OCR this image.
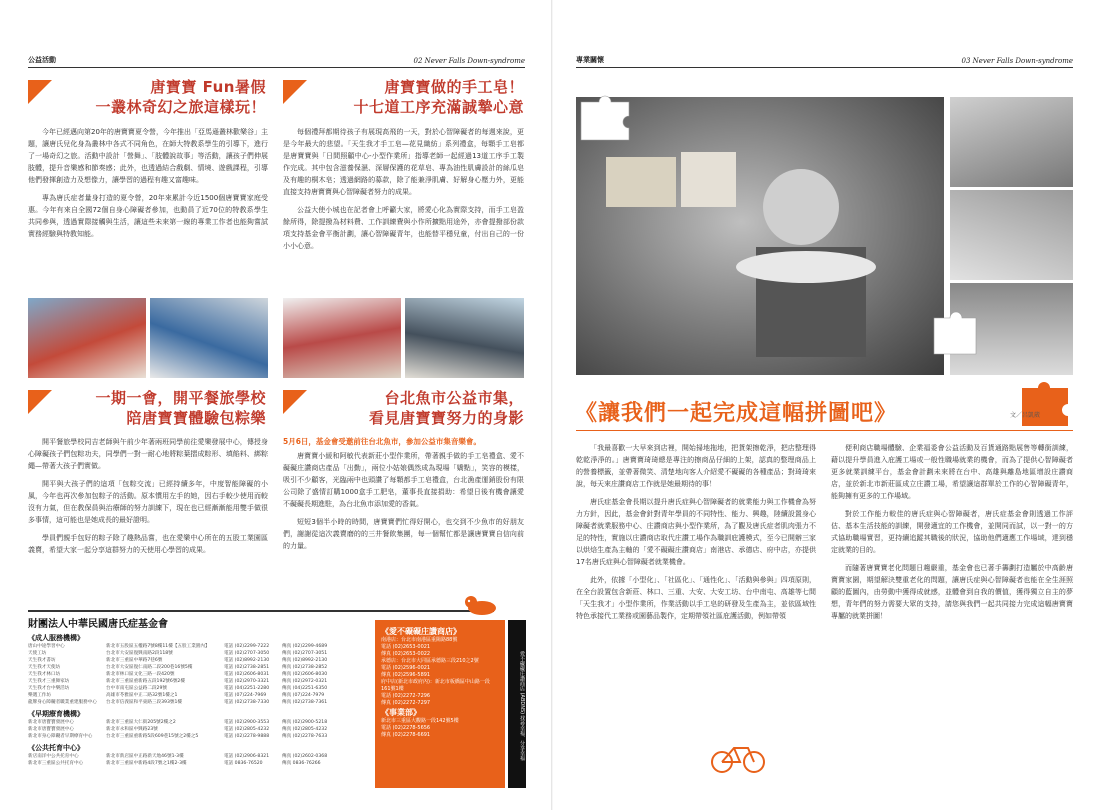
公益活動	02 Never Falls Down-syndrome
唐寶寶 Fun暑假
一叢林奇幻之旅這樣玩！

今年已經邁向第20年的唐寶寶夏令營，今年推出「亞馬遜叢林歡樂谷」主題，讓唐氏兒化身為叢林中各式不同角色，在師大特教系學生的引導下，進行了一場奇幻之旅。活動中設計「營舞」、「肢體說故事」等活動，讓孩子們伸展肢體，提升音樂感和節奏感；此外，也透過結合戲劇、情境、遊戲課程，引導他們發揮創造力及想像力，讓學習的過程有趣又富趣味。

專為唐氏症者量身打造的夏令營，20年來累計今近1500個唐寶寶家庭受惠。今年有來自全國72個自身心障礙者參加，也動員了近70位的特教系學生共同參與，透過實際接觸與生活，讓這些未來第一線的專業工作者也能夠嘗試實務經驗與特教知能。

唐寶寶做的手工皂！
十七道工序充滿誠摯心意

每個禮拜都期待孩子有展現高飛的一天，對於心智障礙者的每週來說，更是今年最大的悲望。「天生我才手工皂—花見織紡」系列禮盒，每顆手工皂都是唐寶寶與「日間照顧中心-小型作業所」指導老師一起經過13道工序手工製作完成。其中包含滋養保濕、深層保護的花草皂、專為油性肌膚設計的絲瓜皂及有趣的桐木皂；透過網路的募款，除了能兼淨肌膚、好解身心壓力外，更能直接支持唐寶寶與心智障礙者努力的成果。

公益大使小城也在記者會上呼籲大家，將愛心化為實際支持，而手工皂盈餘所得，除提撥為材料費、工作訓練費與小作所擴點用途外，亦會提撥部份款項支持基金會平衡計劃，讓心智障礙青年，也能替平穩兒童，付出自己的一份小小心意。

一期一會，開平餐旅學校
陪唐寶寶體驗包粽樂

開平餐旅學校同吉老師與午前少年著兩班同學前往愛樂發展中心，傳授身心障礙孩子們包粽功夫，同學們一對一耐心地將粽葉摺成粽形、填餡料、綁粽繩—帶著大孩子們實做。

開平與大孩子們的這項「包粽交流」已經持續多年，中度智能障礙的小風，今年也再次參加包粽子的活動。原本慣用左手的她，因右手較少使用而較沒有力氣，但在教保員與治療師的努力訓練下，現在也已經漸漸能用雙手做很多事情，這可能也是她成長的最好證明。

學員們親手包好的粽子除了趣熱品嘗，也在愛樂中心所在的五股工業園區義賣，希望大家一起分享這群努力的天使用心學習的成果。

台北魚市公益市集，
看見唐寶寶努力的身影
5月6日，基金會受邀前往台北魚市，參加公益市集音樂會。

唐寶寶小緩和阿敏代表新莊小型作業所，帶著親手做的手工皂禮盒、愛不礙礙庄讚商店產品「出勤」，兩位小姑娘偶然成為現場「嬌點」，笑容的模樣，吸引不少顧客，光臨兩中也頭讚了每顆都手工皂禮盒，台北漁產運銷股份有限公司除了盛情訂購1000盒手工肥皂，董事長直接捐助：希望日後有機會讓愛不礙礙長期進駐，為台北魚市添加愛的香氣。

短短3個半小時的時間，唐寶寶們忙得好開心，也交到不少魚市的好朋友們，謝謝從這次義賣磨的的三井餐飲集團，每一個幫忙都是讓唐寶寶自信向前的力量。

財團法人中華民國唐氏症基金會
《成人服務機構》
唐山中途學習中心	新北市五股區五權路7號8樓11樓【五股工業園內】	電話 (02)2299-7222	傳真 (02)2299-4689
天使工坊	台北市大安區復興南路2段118號	電話 (02)2707-3050	傳真 (02)2707-3051
天生我才書坊	新北市三重區中華路7巷6號	電話 (02)8992-2130	傳真 (02)8992-2130
天生我才天使坊	台北市大安區復仁南路二段200巷16號5樓	電話 (02)2738-2851	傳真 (02)2738-2852
天生我才林口坊	新北市林口區文化三路一段420號	電話 (02)2606-8031	傳真 (02)2606-8030
天生我才三重舞家坊	新北市三重區重新路五段192號6號2樓	電話 (02)2970-3321	傳真 (02)2972-0321
天生我才台中樂活坊	台中市南屯區公益路二段29號	電話 (04)2251-2280	傳真 (04)2251-6350
樂邁工作坊	高雄市苓雅區中正二路32號1樓之1	電話 (07)224-7969	傳真 (07)224-7979
龍牌身心障礙者職業重建服務中心	台北市信義區和平東路三段393號1樓	電話 (02)2738-7330	傳真 (02)2738-7361
《早期療育機構》
新北市唐寶寶發展中心	新北市三重區大仁街205號2樓之2	電話 (02)2900-3553	傳真 (02)2900-5218
新北市唐寶寶發展中心	新北市永和區中興路23號	電話 (02)2805-4232	傳真 (02)2805-4232
新北市身心障礙者早期療育中心	台北市三重區重新路5段609巷15號之2樓之5	電話 (02)2278-9888	傳真 (02)2278-7633
《公共托育中心》
新店南洋中公共托育中心	新北市新店區中正路新天地46號1-3樓	電話 (02)2906-8321	傳真 (02)2602-0368
新北市三重區公共托育中心	新北市三重區中新路4段7號之1樓2-3樓	電話 0836-76520	傳真 0836-76266
《愛不礙礙庄讚商店》
南港店：台北市南港區重陽路88號
電話 (02)2653-0021
傳真 (02)2653-0022
承德店：台北市大同區承德路三段210之2號
電話 (02)2596-0021
傳真 (02)2596-5891
府中店(新北市政府內)：新北市板橋區中山路一段161號1樓
電話 (02)2272-7296
傳真 (02)2272-7297
《事業部》
新北市三重區大觀路一段142號5樓
電話 (02)2278-5656
傳真 (02)2278-6691	愛不礙礙庄讚商店 (ABDNS) 找尋幸福、分享幸福
專業關懷	03 Never Falls Down-syndrome
《讓我們一起完成這幅拼圖吧》	文／呂凱葳

「我最喜歡一大早來到店裡，開始掃地拖地，把貨架擦乾淨，把店整理得乾乾淨淨的。」唐寶寶琦琦總是專注的擦商品仔細的上架，認真的整理商品上的營養標籤，並帶著微笑、清楚地向客人介紹愛不礙礙的各種產品；對琦琦來說，每天來庄讚商店工作就是她最期待的事！

唐氏症基金會長期以提升唐氏症與心智障礙者的就業能力與工作機會為努力方針，因此，基金會針對青年學員的不同特性、能力、興趣，陸續設置身心障礙者就業服務中心、庄讚商店與小型作業所，為了觀及唐氏症者肌肉張力不足的特性，實施以庄讚商店取代庄讚工場作為職訓庇護模式，至今已開辦三家以烘焙生產為主軸的「愛不礙礙庄讚商店」南港店、承德店、府中店，亦提供17名唐氏症與心智障礙者就業機會。

此外，依據「小型化」、「社區化」、「通性化」、「活動與參與」四項原則，在全台設置包含新莊、林口、三重、大安、大安工坊、台中南屯、高雄等七間「天生我才」小型作業所，作業活動以手工皂的研發及生產為主，並依區域性特色承接代工業務或園藝品製作，定期帶領社區庇護活動，例如帶領

便利商店職場體驗、企業福委會公益活動及百貨通路點展售等轉銜訓練，藉以提升學員進入庇護工場或一般性職場就業的機會，而為了提供心智障礙者更多就業訓練平台，基金會計劃未來將在台中、高雄與離島地區增設庄讚商店，並於新北市新莊區成立庄讚工場，希望讓這群單於工作的心智障礙青年，能夠擁有更多的工作場域。

對於工作能力較佳的唐氏症與心智障礙者，唐氏症基金會則透過工作評估、基本生活技能的訓練，開發適宜的工作機會，並開同而試，以一對一的方式協助職場實習，更持續追蹤其職後的狀況，協助他們適應工作場域，達到穩定就業的目的。

而隨著唐寶寶老化問題日趨嚴重，基金會也已著手籌劃打造屬於中高齡唐寶寶家園，期望解決雙重老化的問題，讓唐氏症與心智障礙者也能在全生涯照顧的藍圖內，由勞動中獲得成就感，並體會到自我的價值，獲得獨立自主的夢想，青年們的努力需要大眾的支持，請您與我們一起共同接力完成這幅唐寶寶專屬的就業拼圖！
